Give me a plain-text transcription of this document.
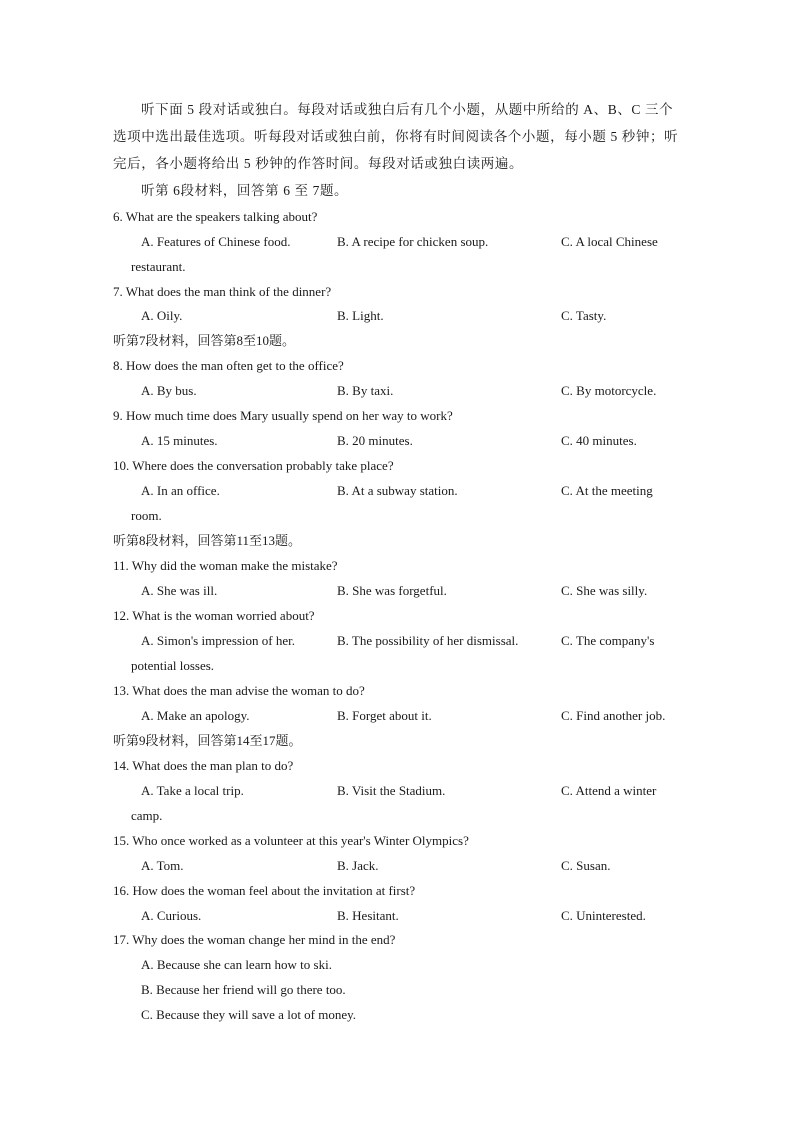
听下面 5 段对话或独白。每段对话或独白后有几个小题，从题中所给的 A、B、C 三个
选项中选出最佳选项。听每段对话或独白前，你将有时间阅读各个小题，每小题 5 秒钟；听
完后，各小题将给出 5 秒钟的作答时间。每段对话或独白读两遍。
听第 6段材料，回答第 6 至 7题。
6. What are the speakers talking about?
A. Features of Chinese food.	B. A recipe for chicken soup.	C. A local Chinese
restaurant.
7. What does the man think of the dinner?
A. Oily.	B. Light.	C. Tasty.
听第7段材料，回答第8至10题。
8. How does the man often get to the office?
A. By bus.	B. By taxi.	C. By motorcycle.
9. How much time does Mary usually spend on her way to work?
A. 15 minutes.	B. 20 minutes.	C. 40 minutes.
10. Where does the conversation probably take place?
A. In an office.	B. At a subway station.	C. At the meeting
room.
听第8段材料，回答第11至13题。
11. Why did the woman make the mistake?
A. She was ill.	B. She was forgetful.	C. She was silly.
12. What is the woman worried about?
A. Simon's impression of her.	B. The possibility of her dismissal.	C. The company's
potential losses.
13. What does the man advise the woman to do?
A. Make an apology.	B. Forget about it.	C. Find another job.
听第9段材料，回答第14至17题。
14. What does the man plan to do?
A. Take a local trip.	B. Visit the Stadium.	C. Attend a winter
camp.
15. Who once worked as a volunteer at this year's Winter Olympics?
A. Tom.	B. Jack.	C. Susan.
16. How does the woman feel about the invitation at first?
A. Curious.	B. Hesitant.	C. Uninterested.
17. Why does the woman change her mind in the end?
A. Because she can learn how to ski.
B. Because her friend will go there too.
C. Because they will save a lot of money.
